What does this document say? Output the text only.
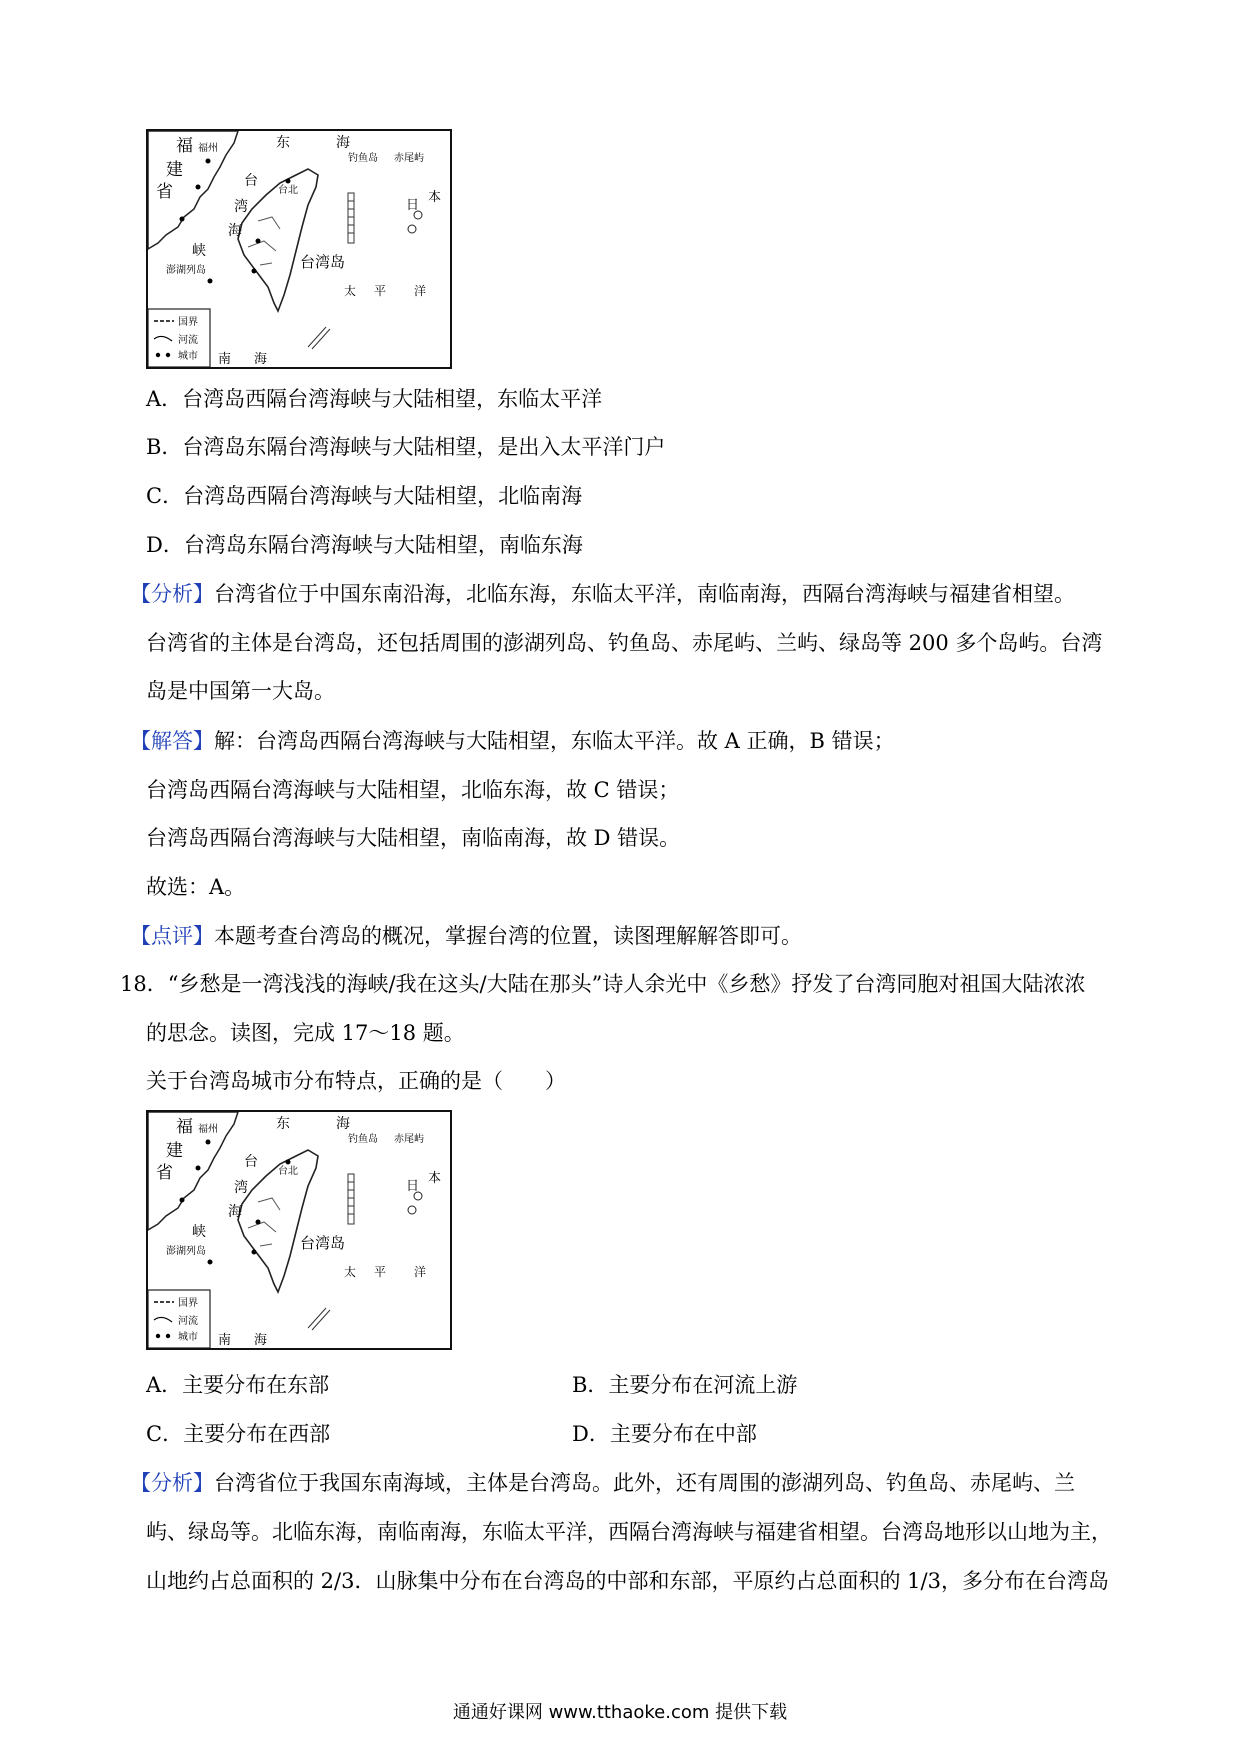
福 福州
建
省
东	海
钓鱼岛 赤尾屿
台
湾
海
峡
澎湖列岛
台北
台湾岛
日
本
太 平 洋
南 海
国界
河流
城市
A．台湾岛西隔台湾海峡与大陆相望，东临太平洋
B．台湾岛东隔台湾海峡与大陆相望，是出入太平洋门户
C．台湾岛西隔台湾海峡与大陆相望，北临南海
D．台湾岛东隔台湾海峡与大陆相望，南临东海
【分析】台湾省位于中国东南沿海，北临东海，东临太平洋，南临南海，西隔台湾海峡与福建省相望。
台湾省的主体是台湾岛，还包括周围的澎湖列岛、钓鱼岛、赤尾屿、兰屿、绿岛等 200 多个岛屿。台湾
岛是中国第一大岛。
【解答】解：台湾岛西隔台湾海峡与大陆相望，东临太平洋。故 A 正确，B 错误；
台湾岛西隔台湾海峡与大陆相望，北临东海，故 C 错误；
台湾岛西隔台湾海峡与大陆相望，南临南海，故 D 错误。
故选：A。
【点评】本题考查台湾岛的概况，掌握台湾的位置，读图理解解答即可。
18．“乡愁是一湾浅浅的海峡/我在这头/大陆在那头”诗人余光中《乡愁》抒发了台湾同胞对祖国大陆浓浓
的思念。读图，完成 17～18 题。
关于台湾岛城市分布特点，正确的是（　　）
福 福州
建
省
东	海
钓鱼岛 赤尾屿
台
湾
海
峡
澎湖列岛
台北
台湾岛
日
本
太 平 洋
南 海
国界
河流
城市
A．主要分布在东部	B．主要分布在河流上游
C．主要分布在西部	D．主要分布在中部
【分析】台湾省位于我国东南海域，主体是台湾岛。此外，还有周围的澎湖列岛、钓鱼岛、赤尾屿、兰
屿、绿岛等。北临东海，南临南海，东临太平洋，西隔台湾海峡与福建省相望。台湾岛地形以山地为主，
山地约占总面积的 2/3．山脉集中分布在台湾岛的中部和东部，平原约占总面积的 1/3，多分布在台湾岛
通通好课网 www.tthaoke.com 提供下载
